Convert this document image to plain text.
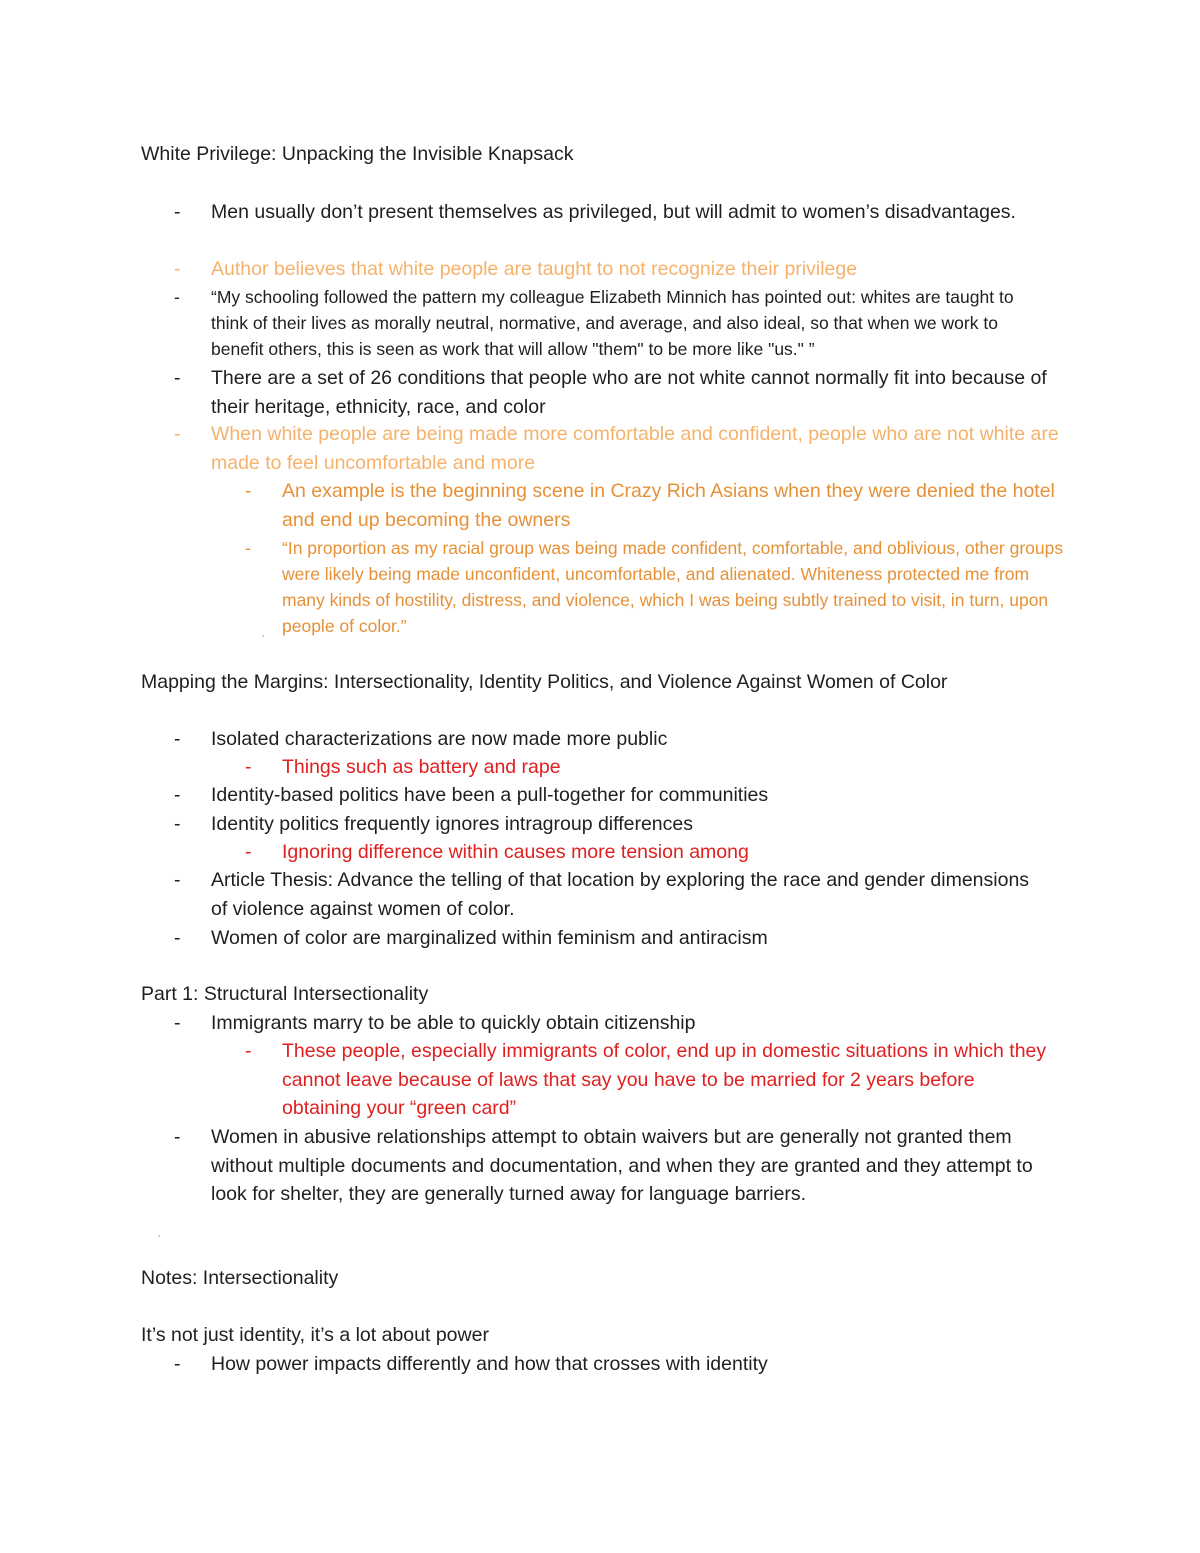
White Privilege: Unpacking the Invisible Knapsack
- Men usually don’t present themselves as privileged, but will admit to women’s disadvantages.
- Author believes that white people are taught to not recognize their privilege
- “My schooling followed the pattern my colleague Elizabeth Minnich has pointed out: whites are taught to think of their lives as morally neutral, normative, and average, and also ideal, so that when we work to benefit others, this is seen as work that will allow "them" to be more like "us." ”
- There are a set of 26 conditions that people who are not white cannot normally fit into because of their heritage, ethnicity, race, and color
- When white people are being made more comfortable and confident, people who are not white are made to feel uncomfortable and more
- An example is the beginning scene in Crazy Rich Asians when they were denied the hotel and end up becoming the owners
- “In proportion as my racial group was being made confident, comfortable, and oblivious, other groups were likely being made unconfident, uncomfortable, and alienated. Whiteness protected me from many kinds of hostility, distress, and violence, which I was being subtly trained to visit, in turn, upon people of color.”
'
Mapping the Margins: Intersectionality, Identity Politics, and Violence Against Women of Color
- Isolated characterizations are now made more public
- Things such as battery and rape
- Identity-based politics have been a pull-together for communities
- Identity politics frequently ignores intragroup differences
- Ignoring difference within causes more tension among
- Article Thesis: Advance the telling of that location by exploring the race and gender dimensions of violence against women of color.
- Women of color are marginalized within feminism and antiracism
Part 1: Structural Intersectionality
- Immigrants marry to be able to quickly obtain citizenship
- These people, especially immigrants of color, end up in domestic situations in which they cannot leave because of laws that say you have to be married for 2 years before obtaining your “green card”
- Women in abusive relationships attempt to obtain waivers but are generally not granted them without multiple documents and documentation, and when they are granted and they attempt to look for shelter, they are generally turned away for language barriers.
'
Notes: Intersectionality
It’s not just identity, it’s a lot about power
- How power impacts differently and how that crosses with identity
